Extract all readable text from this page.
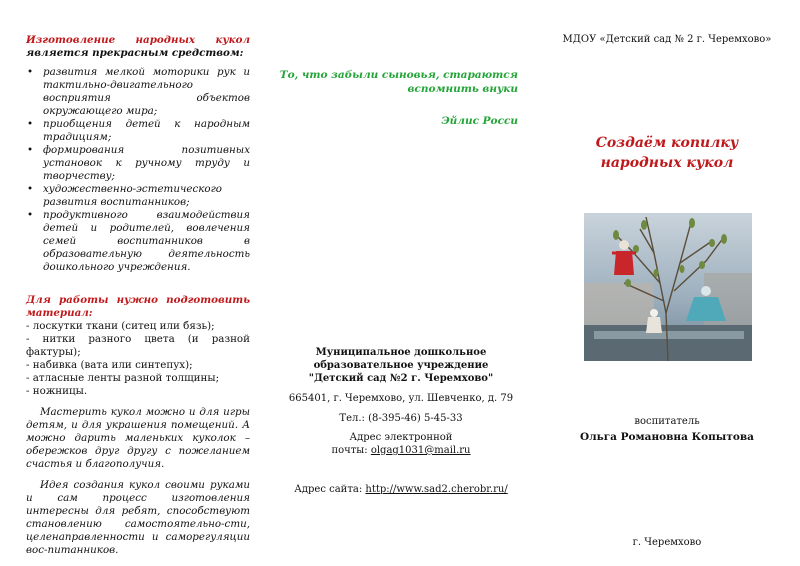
Изготовление народных кукол
является прекрасным средством:
• развития мелкой моторики рук и тактильно-двигательного восприятия объектов окружающего мира;
• приобщения детей к народным традициям;
• формирования позитивных установок к ручному труду и творчеству;
• художественно-эстетического развития воспитанников;
• продуктивного взаимодействия детей и родителей, вовлечения семей воспитанников в образовательную деятельность дошкольного учреждения.
Для работы нужно подготовить материал:
- лоскутки ткани (ситец или бязь);
- нитки разного цвета (и разной фактуры);
- набивка (вата или синтепух);
- атласные ленты разной толщины;
- ножницы.

Мастерить кукол можно и для игры детям, и для украшения помещений. А можно дарить маленьких куколок – обережков друг другу с пожеланием счастья и благополучия.

Идея создания кукол своими руками и сам процесс изготовления интересны для ребят, способствуют становлению самостоятельно-сти, целенаправленности и саморегуляции вос-питанников.

То, что забыли сыновья, стараются
вспомнить внуки
Эйлис Росси
Муниципальное дошкольное
образовательное учреждение
"Детский сад №2 г. Черемхово"
665401, г. Черемхово, ул. Шевченко, д. 79
Тел.: (8-395-46) 5-45-33
Адрес электронной
почты: olgag1031@mail.ru
Адрес сайта: http://www.sad2.cherobr.ru/
МДОУ «Детский сад № 2 г. Черемхово»
Создаём копилку
народных кукол
воспитатель
Ольга Романовна Копытова
г. Черемхово
